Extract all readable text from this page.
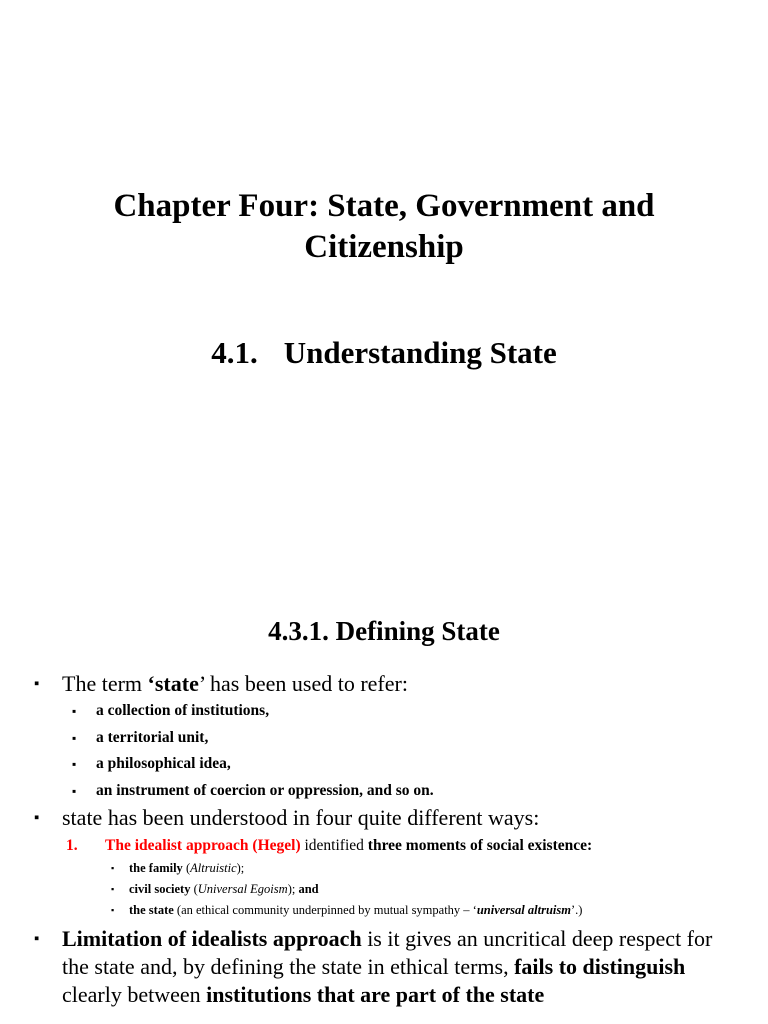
Chapter Four: State, Government and Citizenship
4.1. Understanding State
4.3.1. Defining State
▪ The term ‘state’ has been used to refer:
▪ a collection of institutions,
▪ a territorial unit,
▪ a philosophical idea,
▪ an instrument of coercion or oppression, and so on.
▪ state has been understood in four quite different ways:
1. The idealist approach (Hegel) identified three moments of social existence:
▪ the family (Altruistic);
▪ civil society (Universal Egoism); and
▪ the state (an ethical community underpinned by mutual sympathy – ‘universal altruism’.)
▪ Limitation of idealists approach is it gives an uncritical deep respect for the state and, by defining the state in ethical terms, fails to distinguish clearly between institutions that are part of the state
